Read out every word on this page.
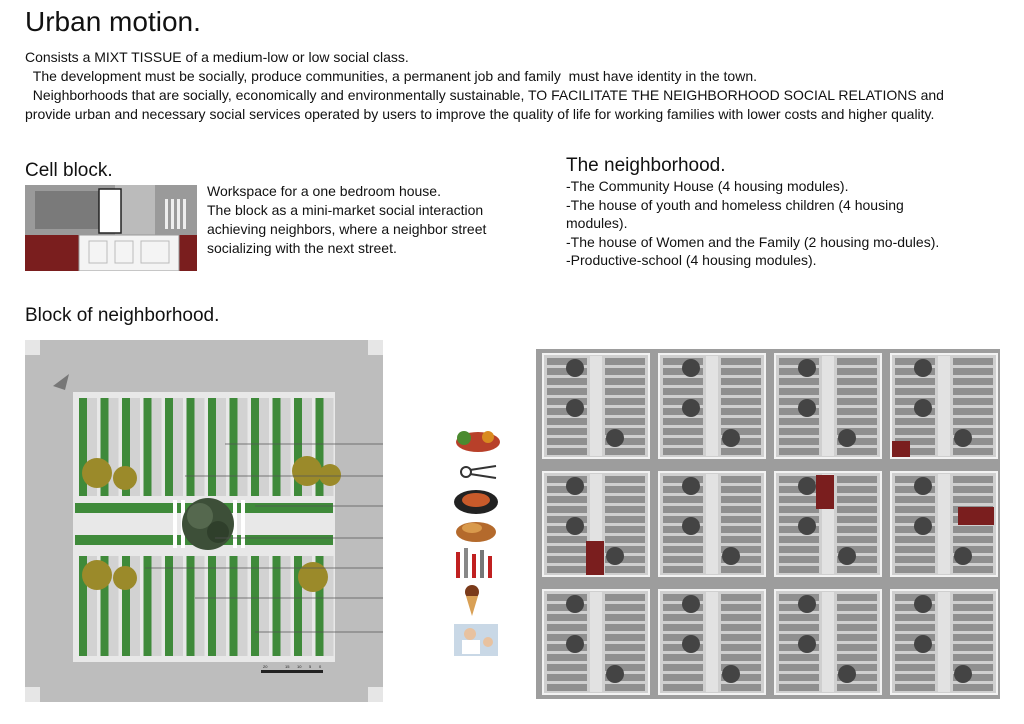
Urban motion.

Consists a MIXT TISSUE of a medium-low or low social class.

The development must be socially, produce communities, a permanent job and family  must have identity in the town.

Neighborhoods that are socially, economically and environmentally sustainable, TO FACILITATE THE NEIGHBORHOOD SOCIAL RELATIONS and provide urban and necessary social services operated by users to improve the quality of life for working families with lower costs and higher quality.

Cell block.

Workspace for a one bedroom house.

The block as a mini-market social interaction achieving neighbors, where a neighbor street socializing with the next street.

The neighborhood.
-The Community House (4 housing modules).
-The house of youth and homeless children (4 housing modules).
-The house of Women and the Family (2 housing mo-dules).
-Productive-school (4 housing modules).
Block of neighborhood.
20	15 10 5 0
